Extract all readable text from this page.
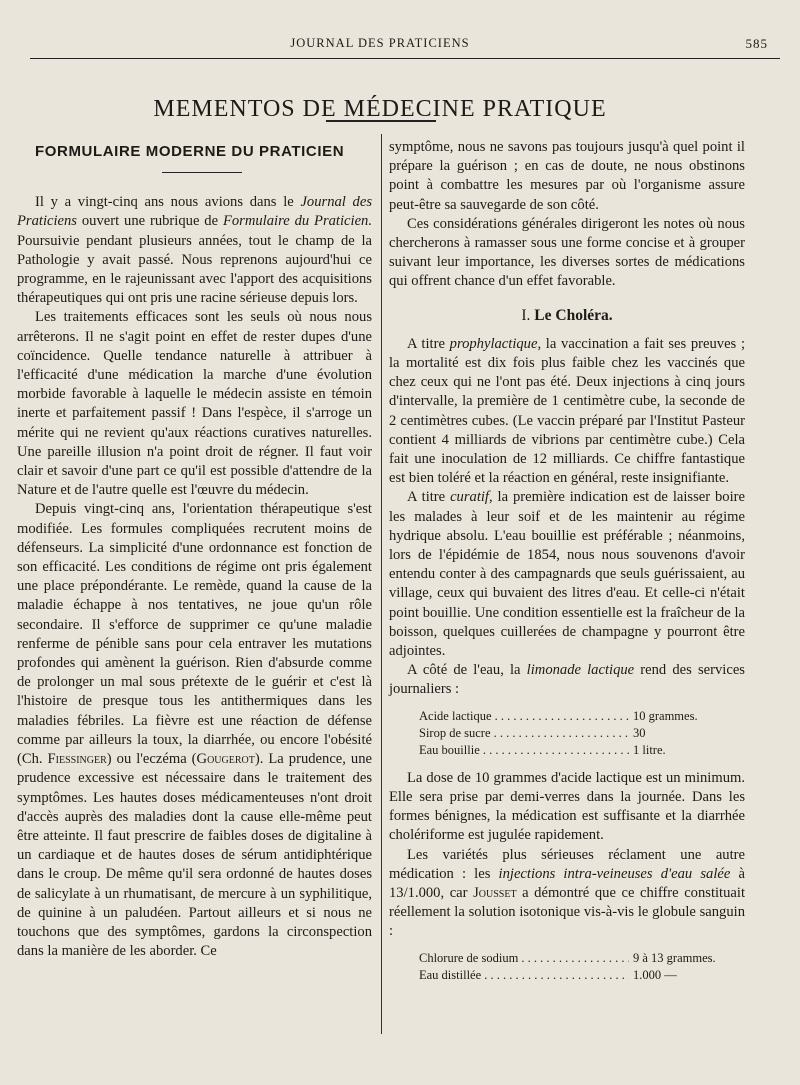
JOURNAL DES PRATICIENS	585
MEMENTOS DE MÉDECINE PRATIQUE
FORMULAIRE MODERNE DU PRATICIEN

Il y a vingt-cinq ans nous avions dans le Journal des Praticiens ouvert une rubrique de Formulaire du Praticien. Poursuivie pendant plusieurs années, tout le champ de la Pathologie y avait passé. Nous reprenons aujourd'hui ce programme, en le rajeunissant avec l'apport des acquisitions thérapeutiques qui ont pris une racine sérieuse depuis lors.

Les traitements efficaces sont les seuls où nous nous arrêterons. Il ne s'agit point en effet de rester dupes d'une coïncidence. Quelle tendance naturelle à attribuer à l'efficacité d'une médication la marche d'une évolution morbide favorable à laquelle le médecin assiste en témoin inerte et parfaitement passif ! Dans l'espèce, il s'arroge un mérite qui ne revient qu'aux réactions curatives naturelles. Une pareille illusion n'a point droit de régner. Il faut voir clair et savoir d'une part ce qu'il est possible d'attendre de la Nature et de l'autre quelle est l'œuvre du médecin.

Depuis vingt-cinq ans, l'orientation thérapeutique s'est modifiée. Les formules compliquées recrutent moins de défenseurs. La simplicité d'une ordonnance est fonction de son efficacité. Les conditions de régime ont pris également une place prépondérante. Le remède, quand la cause de la maladie échappe à nos tentatives, ne joue qu'un rôle secondaire. Il s'efforce de supprimer ce qu'une maladie renferme de pénible sans pour cela entraver les mutations profondes qui amènent la guérison. Rien d'absurde comme de prolonger un mal sous prétexte de le guérir et c'est là l'histoire de presque tous les antithermiques dans les maladies fébriles. La fièvre est une réaction de défense comme par ailleurs la toux, la diarrhée, ou encore l'obésité (Ch. Fiessinger) ou l'eczéma (Gougerot). La prudence, une prudence excessive est nécessaire dans le traitement des symptômes. Les hautes doses médicamenteuses n'ont droit d'accès auprès des maladies dont la cause elle-même peut être atteinte. Il faut prescrire de faibles doses de digitaline à un cardiaque et de hautes doses de sérum antidiphtérique dans le croup. De même qu'il sera ordonné de hautes doses de salicylate à un rhumatisant, de mercure à un syphilitique, de quinine à un paludéen. Partout ailleurs et si nous ne touchons que des symptômes, gardons la circonspection dans la manière de les aborder. Ce

symptôme, nous ne savons pas toujours jusqu'à quel point il prépare la guérison ; en cas de doute, ne nous obstinons point à combattre les mesures par où l'organisme assure peut-être sa sauvegarde de son côté.

Ces considérations générales dirigeront les notes où nous chercherons à ramasser sous une forme concise et à grouper suivant leur importance, les diverses sortes de médications qui offrent chance d'un effet favorable.

I. Le Choléra.

A titre prophylactique, la vaccination a fait ses preuves ; la mortalité est dix fois plus faible chez les vaccinés que chez ceux qui ne l'ont pas été. Deux injections à cinq jours d'intervalle, la première de 1 centimètre cube, la seconde de 2 centimètres cubes. (Le vaccin préparé par l'Institut Pasteur contient 4 milliards de vibrions par centimètre cube.) Cela fait une inoculation de 12 milliards. Ce chiffre fantastique est bien toléré et la réaction en général, reste insignifiante.

A titre curatif, la première indication est de laisser boire les malades à leur soif et de les maintenir au régime hydrique absolu. L'eau bouillie est préférable ; néanmoins, lors de l'épidémie de 1854, nous nous souvenons d'avoir entendu conter à des campagnards que seuls guérissaient, au village, ceux qui buvaient des litres d'eau. Et celle-ci n'était point bouillie. Une condition essentielle est la fraîcheur de la boisson, quelques cuillerées de champagne y pourront être adjointes.

A côté de l'eau, la limonade lactique rend des services journaliers :

Acide lactique . . .	10 grammes.
Sirop de sucre . . .	30
Eau bouillie . . .	1 litre.

La dose de 10 grammes d'acide lactique est un minimum. Elle sera prise par demi-verres dans la journée. Dans les formes bénignes, la médication est suffisante et la diarrhée cholériforme est jugulée rapidement.

Les variétés plus sérieuses réclament une autre médication : les injections intra-veineuses d'eau salée à 13/1.000, car Jousset a démontré que ce chiffre constituait réellement la solution isotonique vis-à-vis le globule sanguin :

Chlorure de sodium . . .	9 à 13 grammes.
Eau distillée . . .	1.000 —
